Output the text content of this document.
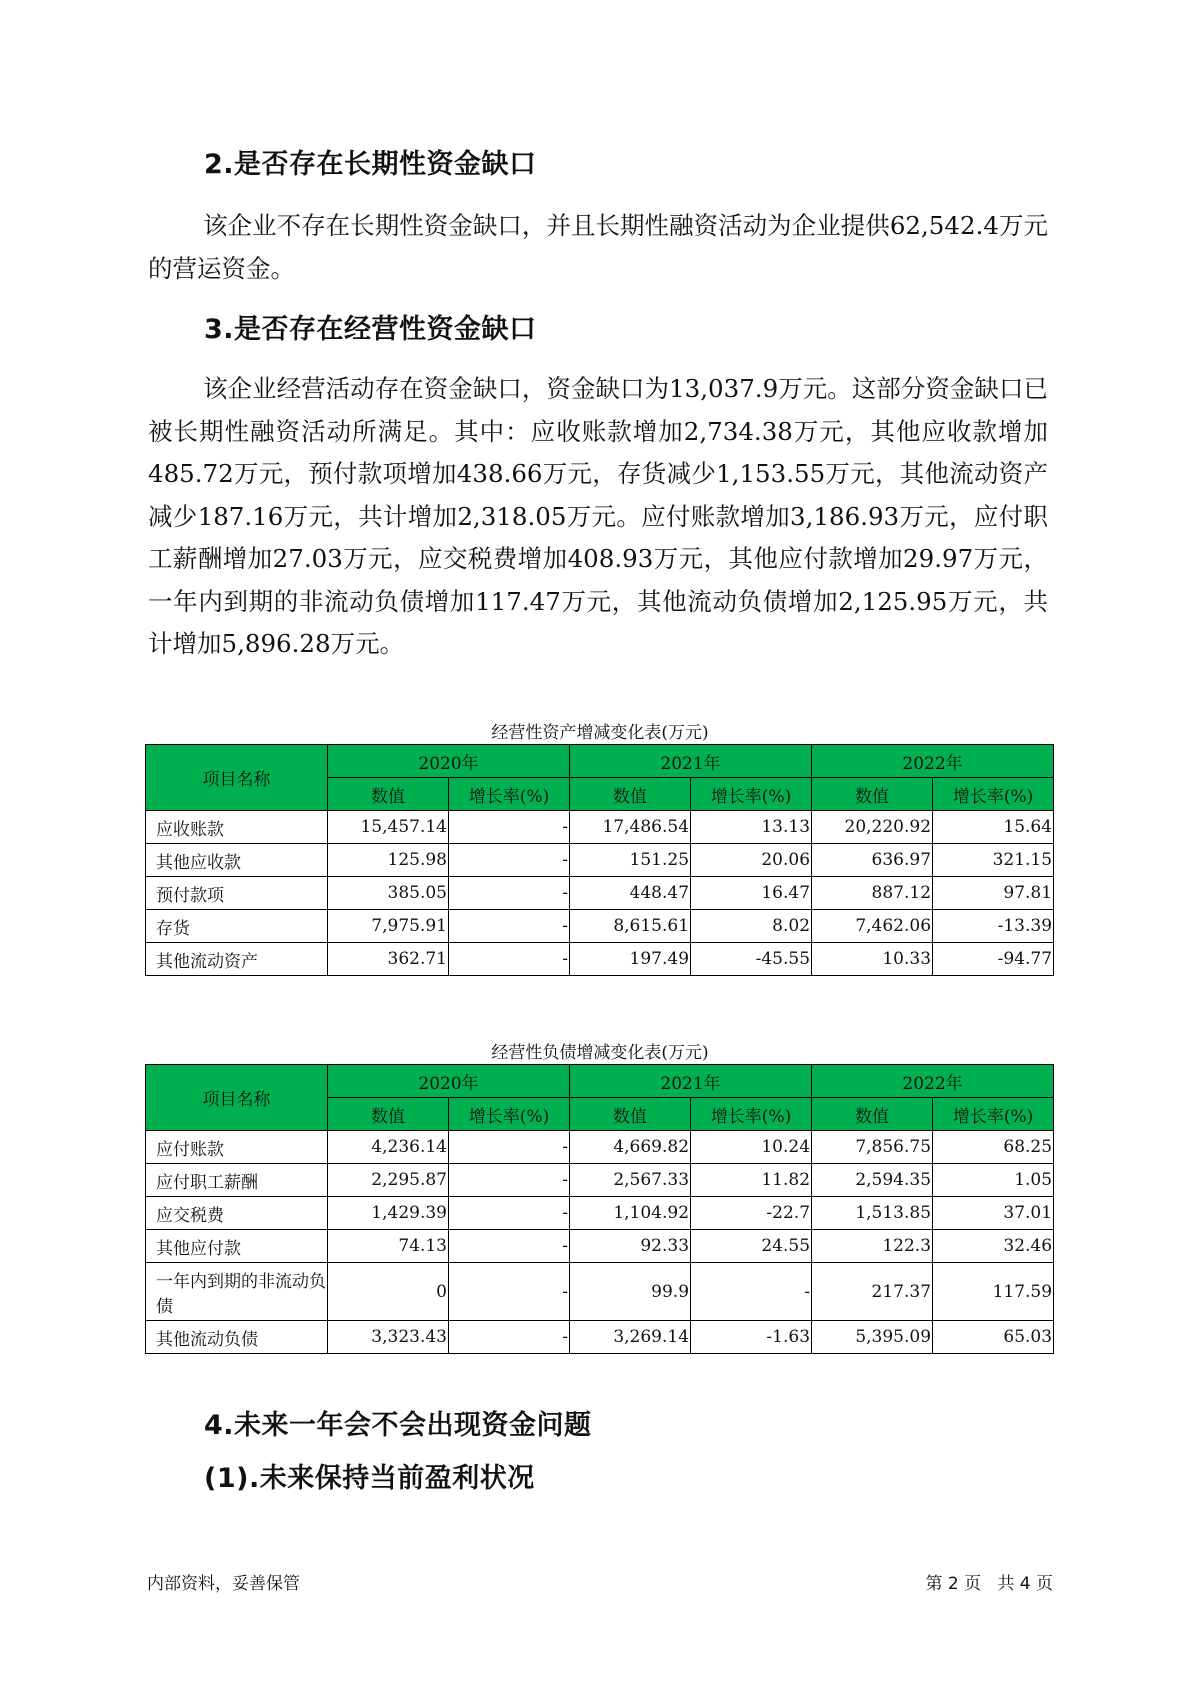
2.是否存在长期性资金缺口

该企业不存在长期性资金缺口，并且长期性融资活动为企业提供62,542.4万元的营运资金。

3.是否存在经营性资金缺口

该企业经营活动存在资金缺口，资金缺口为13,037.9万元。这部分资金缺口已被长期性融资活动所满足。其中：应收账款增加2,734.38万元，其他应收款增加485.72万元，预付款项增加438.66万元，存货减少1,153.55万元，其他流动资产减少187.16万元，共计增加2,318.05万元。应付账款增加3,186.93万元，应付职工薪酬增加27.03万元，应交税费增加408.93万元，其他应付款增加29.97万元，一年内到期的非流动负债增加117.47万元，其他流动负债增加2,125.95万元，共计增加5,896.28万元。

经营性资产增减变化表(万元)

项目名称	2020年		2021年		2022年	
	数值	增长率(%)	数值	增长率(%)	数值	增长率(%)
应收账款	15,457.14	-	17,486.54	13.13	20,220.92	15.64
其他应收款	125.98	-	151.25	20.06	636.97	321.15
预付款项	385.05	-	448.47	16.47	887.12	97.81
存货	7,975.91	-	8,615.61	8.02	7,462.06	-13.39
其他流动资产	362.71	-	197.49	-45.55	10.33	-94.77

经营性负债增减变化表(万元)

项目名称	2020年		2021年		2022年	
	数值	增长率(%)	数值	增长率(%)	数值	增长率(%)
应付账款	4,236.14	-	4,669.82	10.24	7,856.75	68.25
应付职工薪酬	2,295.87	-	2,567.33	11.82	2,594.35	1.05
应交税费	1,429.39	-	1,104.92	-22.7	1,513.85	37.01
其他应付款	74.13	-	92.33	24.55	122.3	32.46
一年内到期的非流动负债	0	-	99.9	-	217.37	117.59
其他流动负债	3,323.43	-	3,269.14	-1.63	5,395.09	65.03
4.未来一年会不会出现资金问题
(1).未来保持当前盈利状况

内部资料，妥善保管	第 2 页   共 4 页
